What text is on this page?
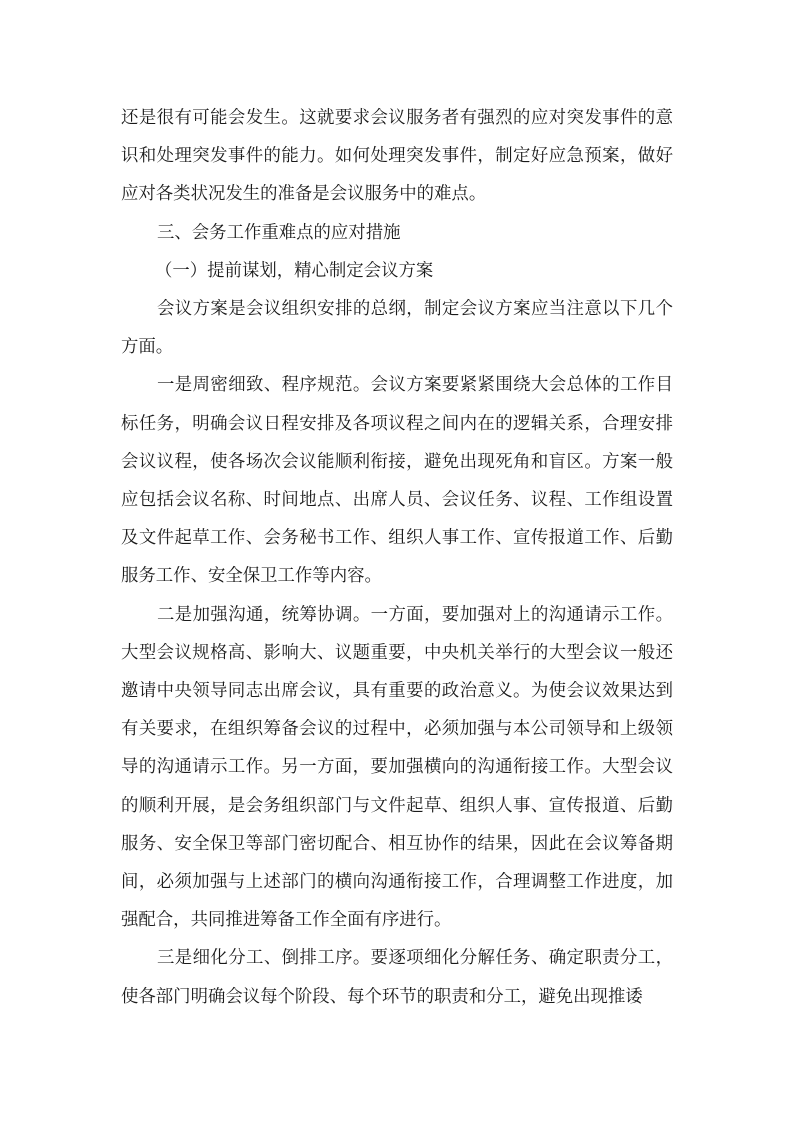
还是很有可能会发生。这就要求会议服务者有强烈的应对突发事件的意识和处理突发事件的能力。如何处理突发事件，制定好应急预案，做好应对各类状况发生的准备是会议服务中的难点。

三、会务工作重难点的应对措施

（一）提前谋划，精心制定会议方案

会议方案是会议组织安排的总纲，制定会议方案应当注意以下几个方面。

一是周密细致、程序规范。会议方案要紧紧围绕大会总体的工作目标任务，明确会议日程安排及各项议程之间内在的逻辑关系，合理安排会议议程，使各场次会议能顺利衔接，避免出现死角和盲区。方案一般应包括会议名称、时间地点、出席人员、会议任务、议程、工作组设置及文件起草工作、会务秘书工作、组织人事工作、宣传报道工作、后勤服务工作、安全保卫工作等内容。

二是加强沟通，统筹协调。一方面，要加强对上的沟通请示工作。大型会议规格高、影响大、议题重要，中央机关举行的大型会议一般还邀请中央领导同志出席会议，具有重要的政治意义。为使会议效果达到有关要求，在组织筹备会议的过程中，必须加强与本公司领导和上级领导的沟通请示工作。另一方面，要加强横向的沟通衔接工作。大型会议的顺利开展，是会务组织部门与文件起草、组织人事、宣传报道、后勤服务、安全保卫等部门密切配合、相互协作的结果，因此在会议筹备期间，必须加强与上述部门的横向沟通衔接工作，合理调整工作进度，加强配合，共同推进筹备工作全面有序进行。

三是细化分工、倒排工序。要逐项细化分解任务、确定职责分工，使各部门明确会议每个阶段、每个环节的职责和分工，避免出现推诿
